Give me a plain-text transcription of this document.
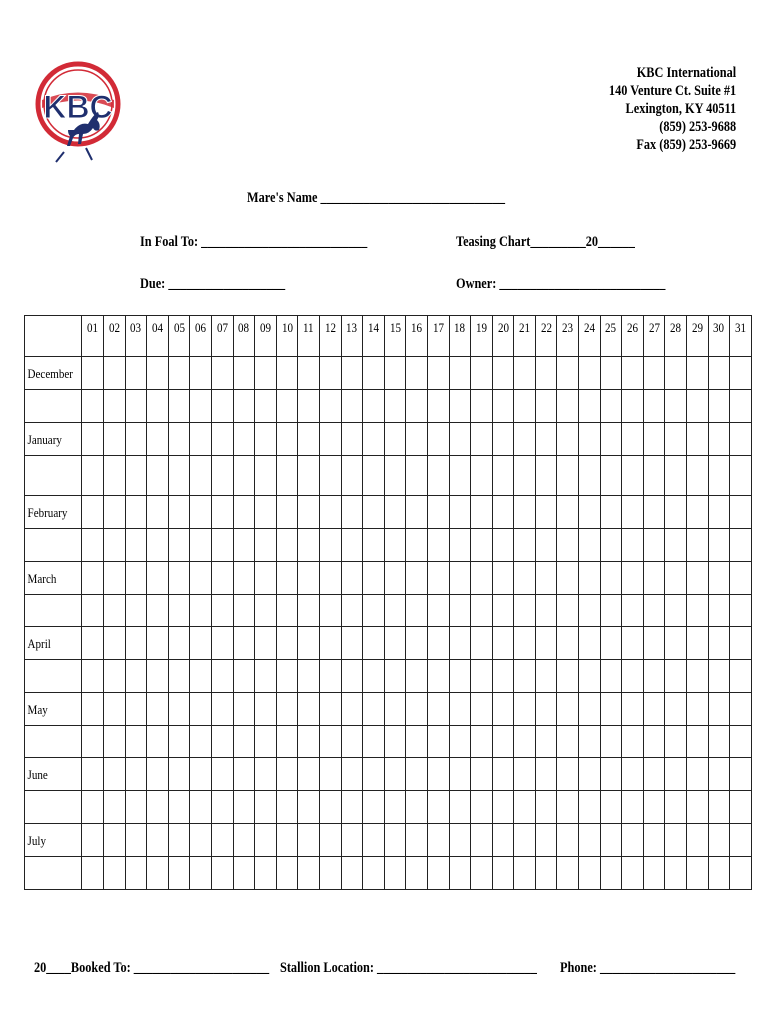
KBC
KBC International
140 Venture Ct. Suite #1
Lexington, KY 40511
(859) 253-9688
Fax (859) 253-9669
Mare's Name ______________________________
In Foal To: ___________________________	Teasing Chart_________20______
Due: ___________________	Owner: ___________________________
	01	02	03	04	05	06	07	08	09	10	11	12	13	14	15	16	17	18	19	20	21	22	23	24	25	26	27	28	29	30	31
December																															

January																															

February																															

March																															

April																															

May																															

June																															

July																															

20____Booked To: ______________________ Stallion Location: __________________________	Phone: ______________________
